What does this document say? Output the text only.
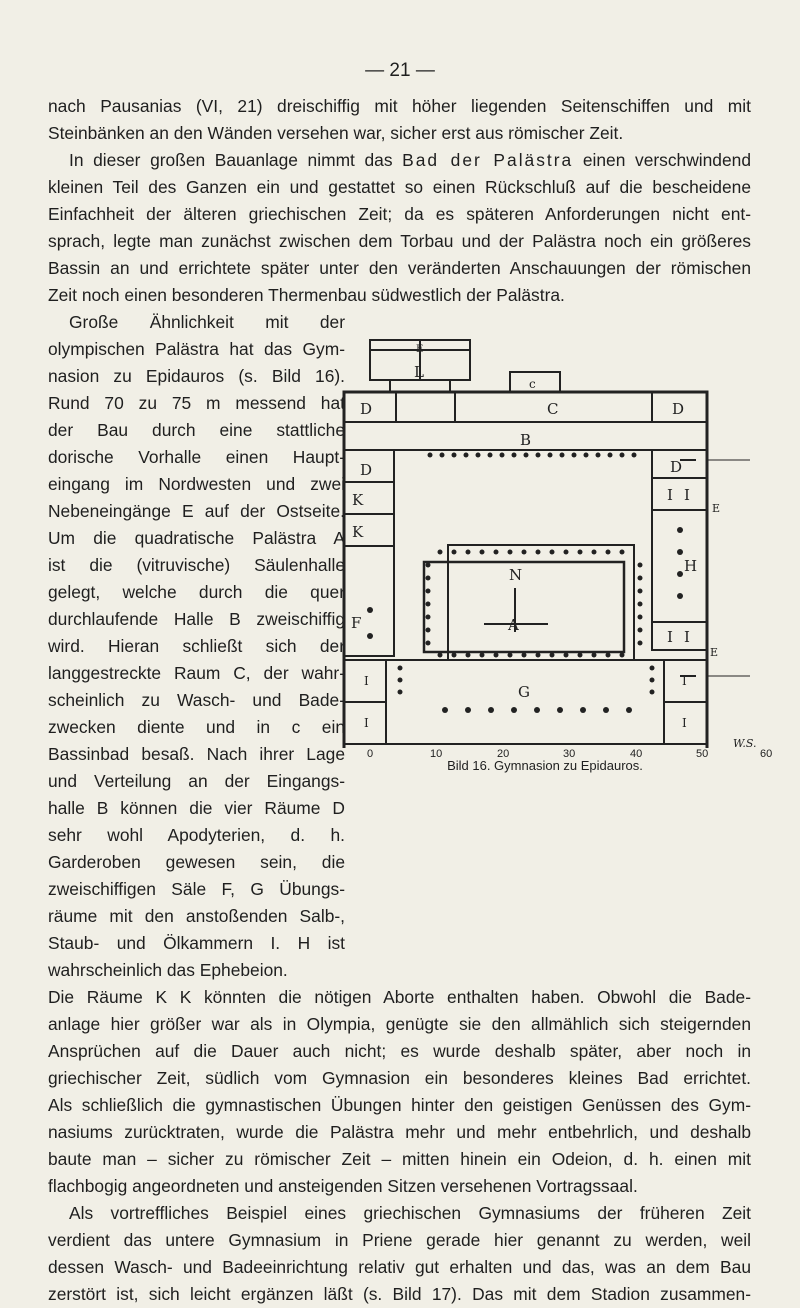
— 21 —
nach Pausanias (VI, 21) dreischiffig mit höher liegenden Seitenschiffen und mit
Steinbänken an den Wänden versehen war, sicher erst aus römischer Zeit.
In dieser großen Bauanlage nimmt das Bad der Palästra einen verschwindend
kleinen Teil des Ganzen ein und gestattet so einen Rückschluß auf die bescheidene
Einfachheit der älteren griechischen Zeit; da es späteren Anforderungen nicht ent-
sprach, legte man zunächst zwischen dem Torbau und der Palästra noch ein größeres
Bassin an und errichtete später unter den veränderten Anschauungen der römischen
Zeit noch einen besonderen Thermenbau südwestlich der Palästra.
Große Ähnlichkeit mit der
olympischen Palästra hat das Gym-
nasion zu Epidauros (s. Bild 16).
Rund 70 zu 75 m messend hat
der Bau durch eine stattliche
dorische Vorhalle einen Haupt-
eingang im Nordwesten und zwei
Nebeneingänge E auf der Ostseite.
Um die quadratische Palästra A
ist die (vitruvische) Säulenhalle
gelegt, welche durch die quer
durchlaufende Halle B zweischiffig
wird. Hieran schließt sich der
langgestreckte Raum C, der wahr-
scheinlich zu Wasch- und Bade-
zwecken diente und in c ein
Bassinbad besaß. Nach ihrer Lage
und Verteilung an der Eingangs-
halle B können die vier Räume D
sehr wohl Apodyterien, d. h.
Garderoben gewesen sein, die
zweischiffigen Säle F, G Übungs-
räume mit den anstoßenden Salb-,
Staub- und Ölkammern I. H ist
wahrscheinlich das Ephebeion.
Die Räume K K könnten die nötigen Aborte enthalten haben. Obwohl die Bade-
anlage hier größer war als in Olympia, genügte sie den allmählich sich steigernden
Ansprüchen auf die Dauer auch nicht; es wurde deshalb später, aber noch in
griechischer Zeit, südlich vom Gymnasion ein besonderes kleines Bad errichtet.
Als schließlich die gymnastischen Übungen hinter den geistigen Genüssen des Gym-
nasiums zurücktraten, wurde die Palästra mehr und mehr entbehrlich, und deshalb
baute man – sicher zu römischer Zeit – mitten hinein ein Odeion, d. h. einen mit
flachbogig angeordneten und ansteigenden Sitzen versehenen Vortragssaal.
Als vortreffliches Beispiel eines griechischen Gymnasiums der früheren Zeit
verdient das untere Gymnasium in Priene gerade hier genannt zu werden, weil
dessen Wasch- und Badeeinrichtung relativ gut erhalten und das, was an dem Bau
zerstört ist, sich leicht ergänzen läßt (s. Bild 17). Das mit dem Stadion zusammen-
L
E
c
D	C	D
B
E
D	D
K
K
F
N
A
I I
H
I I
I
I
I
I
E
G
W.S.
0	10	20	30	40	50	60
Bild 16. Gymnasion zu Epidauros.
